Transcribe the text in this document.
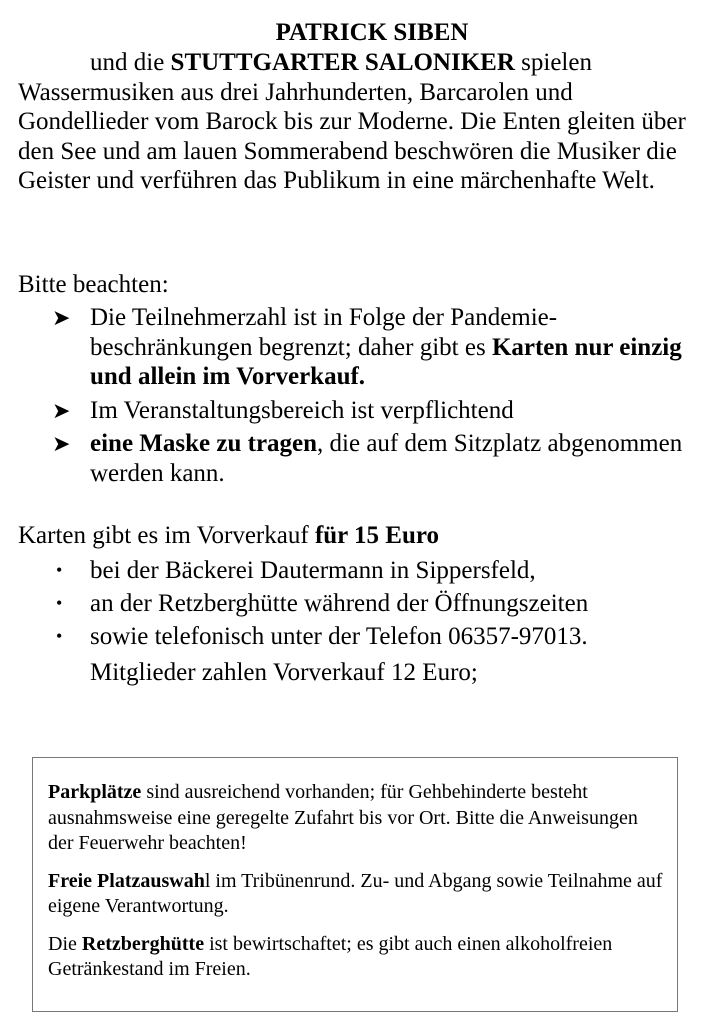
PATRICK SIBEN
und die STUTTGARTER SALONIKER spielen Wassermusiken aus drei Jahrhunderten, Barcarolen und Gondellieder vom Barock bis zur Moderne. Die Enten gleiten über den See und am lauen Sommerabend beschwören die Musiker die Geister und verführen das Publikum in eine märchenhafte Welt.
Bitte beachten:
➤ Die Teilnehmerzahl ist in Folge der Pandemie-beschränkungen begrenzt; daher gibt es Karten nur einzig und allein im Vorverkauf.
➤ Im Veranstaltungsbereich ist verpflichtend
➤ eine Maske zu tragen, die auf dem Sitzplatz abgenommen werden kann.
Karten gibt es im Vorverkauf für 15 Euro
• bei der Bäckerei Dautermann in Sippersfeld,
• an der Retzberghütte während der Öffnungszeiten
• sowie telefonisch unter der Telefon 06357-97013.
Mitglieder zahlen Vorverkauf 12 Euro;

Parkplätze sind ausreichend vorhanden; für Gehbehinderte besteht ausnahmsweise eine geregelte Zufahrt bis vor Ort. Bitte die Anweisungen der Feuerwehr beachten!

Freie Platzauswahl im Tribünenrund. Zu- und Abgang sowie Teilnahme auf eigene Verantwortung.

Die Retzberghütte ist bewirtschaftet; es gibt auch einen alkoholfreien Getränkestand im Freien.
